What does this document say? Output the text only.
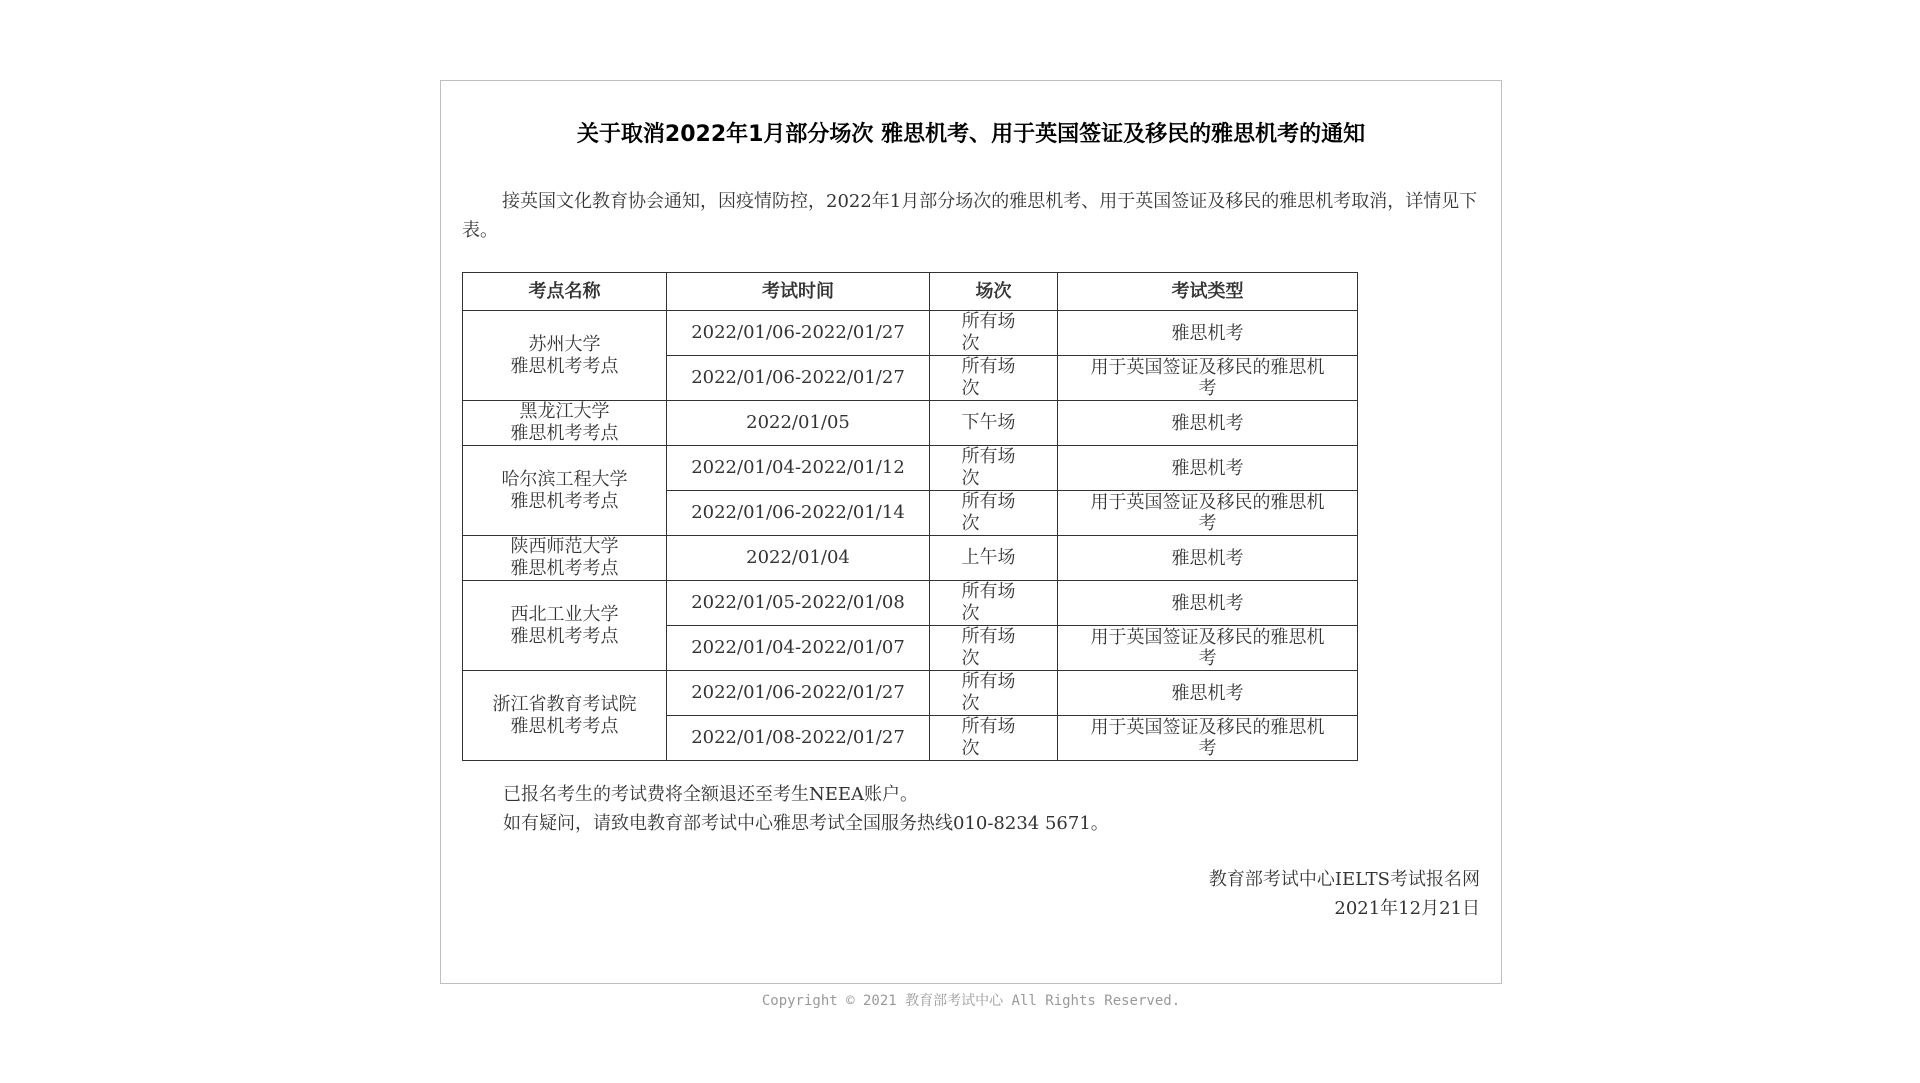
关于取消2022年1月部分场次 雅思机考、用于英国签证及移民的雅思机考的通知

接英国文化教育协会通知，因疫情防控，2022年1月部分场次的雅思机考、用于英国签证及移民的雅思机考取消，详情见下表。

考点名称	考试时间	场次	考试类型

苏州大学
雅思机考考点	2022/01/06-2022/01/27	所有场次	雅思机考

	2022/01/06-2022/01/27	所有场次	用于英国签证及移民的雅思机考

黑龙江大学
雅思机考考点	2022/01/05	下午场	雅思机考

哈尔滨工程大学
雅思机考考点	2022/01/04-2022/01/12	所有场次	雅思机考

	2022/01/06-2022/01/14	所有场次	用于英国签证及移民的雅思机考

陕西师范大学
雅思机考考点	2022/01/04	上午场	雅思机考

西北工业大学
雅思机考考点	2022/01/05-2022/01/08	所有场次	雅思机考

	2022/01/04-2022/01/07	所有场次	用于英国签证及移民的雅思机考

浙江省教育考试院
雅思机考考点	2022/01/06-2022/01/27	所有场次	雅思机考

	2022/01/08-2022/01/27	所有场次	用于英国签证及移民的雅思机考

已报名考生的考试费将全额退还至考生NEEA账户。

如有疑问，请致电教育部考试中心雅思考试全国服务热线010-8234 5671。

教育部考试中心IELTS考试报名网

2021年12月21日

Copyright © 2021 教育部考试中心 All Rights Reserved.
